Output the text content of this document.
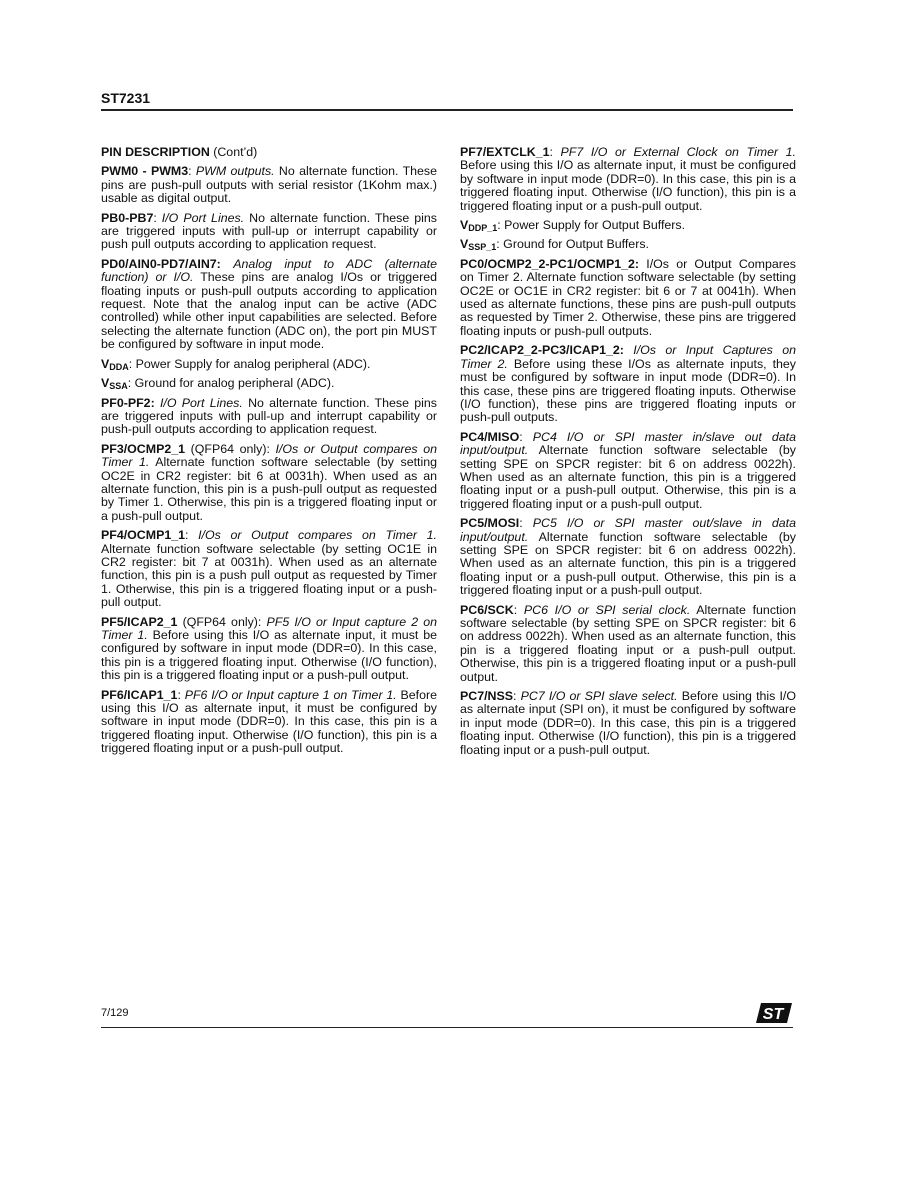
ST7231
PIN DESCRIPTION (Cont’d)
PWM0 - PWM3: PWM outputs. No alternate function. These pins are push-pull outputs with serial resistor (1Kohm max.) usable as digital output.
PB0-PB7: I/O Port Lines. No alternate function. These pins are triggered inputs with pull-up or interrupt capability or push pull outputs according to application request.
PD0/AIN0-PD7/AIN7: Analog input to ADC (alternate function) or I/O. These pins are analog I/Os or triggered floating inputs or push-pull outputs according to application request. Note that the analog input can be active (ADC controlled) while other input capabilities are selected. Before selecting the alternate function (ADC on), the port pin MUST be configured by software in input mode.
$V_{DDA}$: Power Supply for analog peripheral (ADC).
$V_{SSA}$: Ground for analog peripheral (ADC).
PF0-PF2: I/O Port Lines. No alternate function. These pins are triggered inputs with pull-up and interrupt capability or push-pull outputs according to application request.
PF3/OCMP2_1 (QFP64 only): I/Os or Output compares on Timer 1. Alternate function software selectable (by setting OC2E in CR2 register: bit 6 at 0031h). When used as an alternate function, this pin is a push-pull output as requested by Timer 1. Otherwise, this pin is a triggered floating input or a push-pull output.
PF4/OCMP1_1: I/Os or Output compares on Timer 1. Alternate function software selectable (by setting OC1E in CR2 register: bit 7 at 0031h). When used as an alternate function, this pin is a push pull output as requested by Timer 1. Otherwise, this pin is a triggered floating input or a push-pull output.
PF5/ICAP2_1 (QFP64 only): PF5 I/O or Input capture 2 on Timer 1. Before using this I/O as alternate input, it must be configured by software in input mode (DDR=0). In this case, this pin is a triggered floating input. Otherwise (I/O function), this pin is a triggered floating input or a push-pull output.
PF6/ICAP1_1: PF6 I/O or Input capture 1 on Timer 1. Before using this I/O as alternate input, it must be configured by software in input mode (DDR=0). In this case, this pin is a triggered floating input. Otherwise (I/O function), this pin is a triggered floating input or a push-pull output.
PF7/EXTCLK_1: PF7 I/O or External Clock on Timer 1. Before using this I/O as alternate input, it must be configured by software in input mode (DDR=0). In this case, this pin is a triggered floating input. Otherwise (I/O function), this pin is a triggered floating input or a push-pull output.
$V_{DDP\_1}$: Power Supply for Output Buffers.
$V_{SSP\_1}$: Ground for Output Buffers.
PC0/OCMP2_2-PC1/OCMP1_2: I/Os or Output Compares on Timer 2. Alternate function software selectable (by setting OC2E or OC1E in CR2 register: bit 6 or 7 at 0041h). When used as alternate functions, these pins are push-pull outputs as requested by Timer 2. Otherwise, these pins are triggered floating inputs or push-pull outputs.
PC2/ICAP2_2-PC3/ICAP1_2: I/Os or Input Captures on Timer 2. Before using these I/Os as alternate inputs, they must be configured by software in input mode (DDR=0). In this case, these pins are triggered floating inputs. Otherwise (I/O function), these pins are triggered floating inputs or push-pull outputs.
PC4/MISO: PC4 I/O or SPI master in/slave out data input/output. Alternate function software selectable (by setting SPE on SPCR register: bit 6 on address 0022h). When used as an alternate function, this pin is a triggered floating input or a push-pull output. Otherwise, this pin is a triggered floating input or a push-pull output.
PC5/MOSI: PC5 I/O or SPI master out/slave in data input/output. Alternate function software selectable (by setting SPE on SPCR register: bit 6 on address 0022h). When used as an alternate function, this pin is a triggered floating input or a push-pull output. Otherwise, this pin is a triggered floating input or a push-pull output.
PC6/SCK: PC6 I/O or SPI serial clock. Alternate function software selectable (by setting SPE on SPCR register: bit 6 on address 0022h). When used as an alternate function, this pin is a triggered floating input or a push-pull output. Otherwise, this pin is a triggered floating input or a push-pull output.
PC7/NSS: PC7 I/O or SPI slave select. Before using this I/O as alternate input (SPI on), it must be configured by software in input mode (DDR=0). In this case, this pin is a triggered floating input. Otherwise (I/O function), this pin is a triggered floating input or a push-pull output.
7/129	ST
